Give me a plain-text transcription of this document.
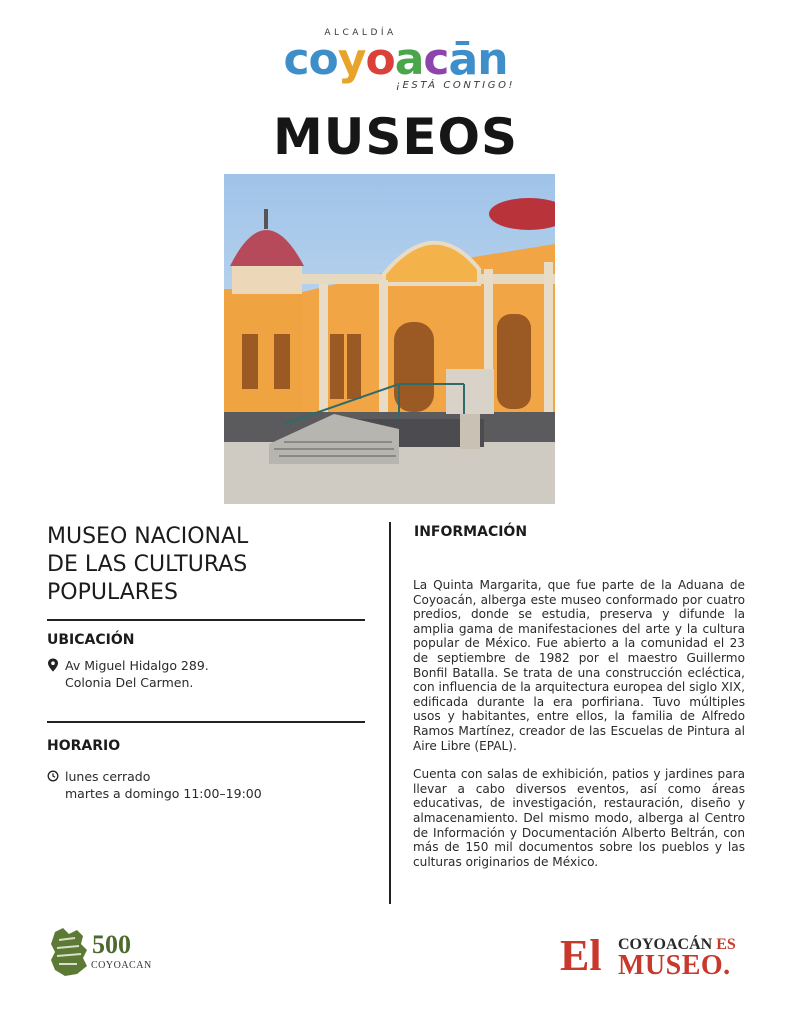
ALCALDÍA
coyoacān
¡ESTÁ CONTIGO!
MUSEOS
MUSEO NACIONAL
DE LAS CULTURAS
POPULARES
UBICACIÓN
Av Miguel Hidalgo 289.
Colonia Del Carmen.
HORARIO
lunes cerrado
martes a domingo 11:00–19:00
INFORMACIÓN

La Quinta Margarita, que fue parte de la Aduana de Coyoacán, alberga este museo conformado por cuatro predios, donde se estudia, preserva y difunde la amplia gama de manifestaciones del arte y la cultura popular de México. Fue abierto a la comunidad el 23 de septiembre de 1982 por el maestro Guillermo Bonfil Batalla. Se trata de una construcción ecléctica, con influencia de la arquitectura europea del siglo XIX, edificada durante la era porfiriana. Tuvo múltiples usos y habitantes, entre ellos, la familia de Alfredo Ramos Martínez, creador de las Escuelas de Pintura al Aire Libre (EPAL).

Cuenta con salas de exhibición, patios y jardines para llevar a cabo diversos eventos, así como áreas educativas, de investigación, restauración, diseño y almacenamiento. Del mismo modo, alberga al Centro de Información y Documentación Alberto Beltrán, con más de 150 mil documentos sobre los pueblos y las culturas originarios de México.

500
COYOACAN	El COYOACÁN ES
MUSEO.
